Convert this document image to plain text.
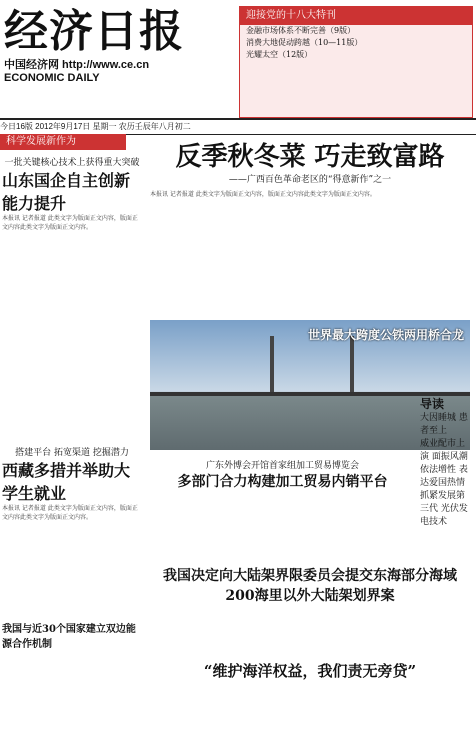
经济日报
中国经济网 http://www.ce.cn
ECONOMIC DAILY
迎接党的十八大特刊
金融市场体系不断完善（9版）
消费大地促动跨越（10—11版）
光耀太空（12版）
今日16版 2012年9月17日 星期一 农历壬辰年八月初二
科学发展新作为
一批关键核心技术上获得重大突破
山东国企自主创新能力提升
本报讯 记者报道 此类文字为版面正文内容，版面正文内容此类文字为版面正文内容。
搭建平台 拓宽渠道 挖掘潜力
西藏多措并举助大学生就业
本报讯 记者报道 此类文字为版面正文内容，版面正文内容此类文字为版面正文内容。
我国与近30个国家建立双边能源合作机制
反季秋冬菜 巧走致富路
——广西百色革命老区的“得意新作”之一
本报讯 记者报道 此类文字为版面正文内容，版面正文内容此类文字为版面正文内容。
世界最大跨度公铁两用桥合龙
广东外博会开馆首家组加工贸易博览会
多部门合力构建加工贸易内销平台
我国决定向大陆架界限委员会提交东海部分海域200海里以外大陆架划界案
导读
大因睡城 患者至上
威业配市上演 面振风潮
依法增性 表达爱国热情
抓紧发展第三代 光伏发电技术
“维护海洋权益，我们责无旁贷”
